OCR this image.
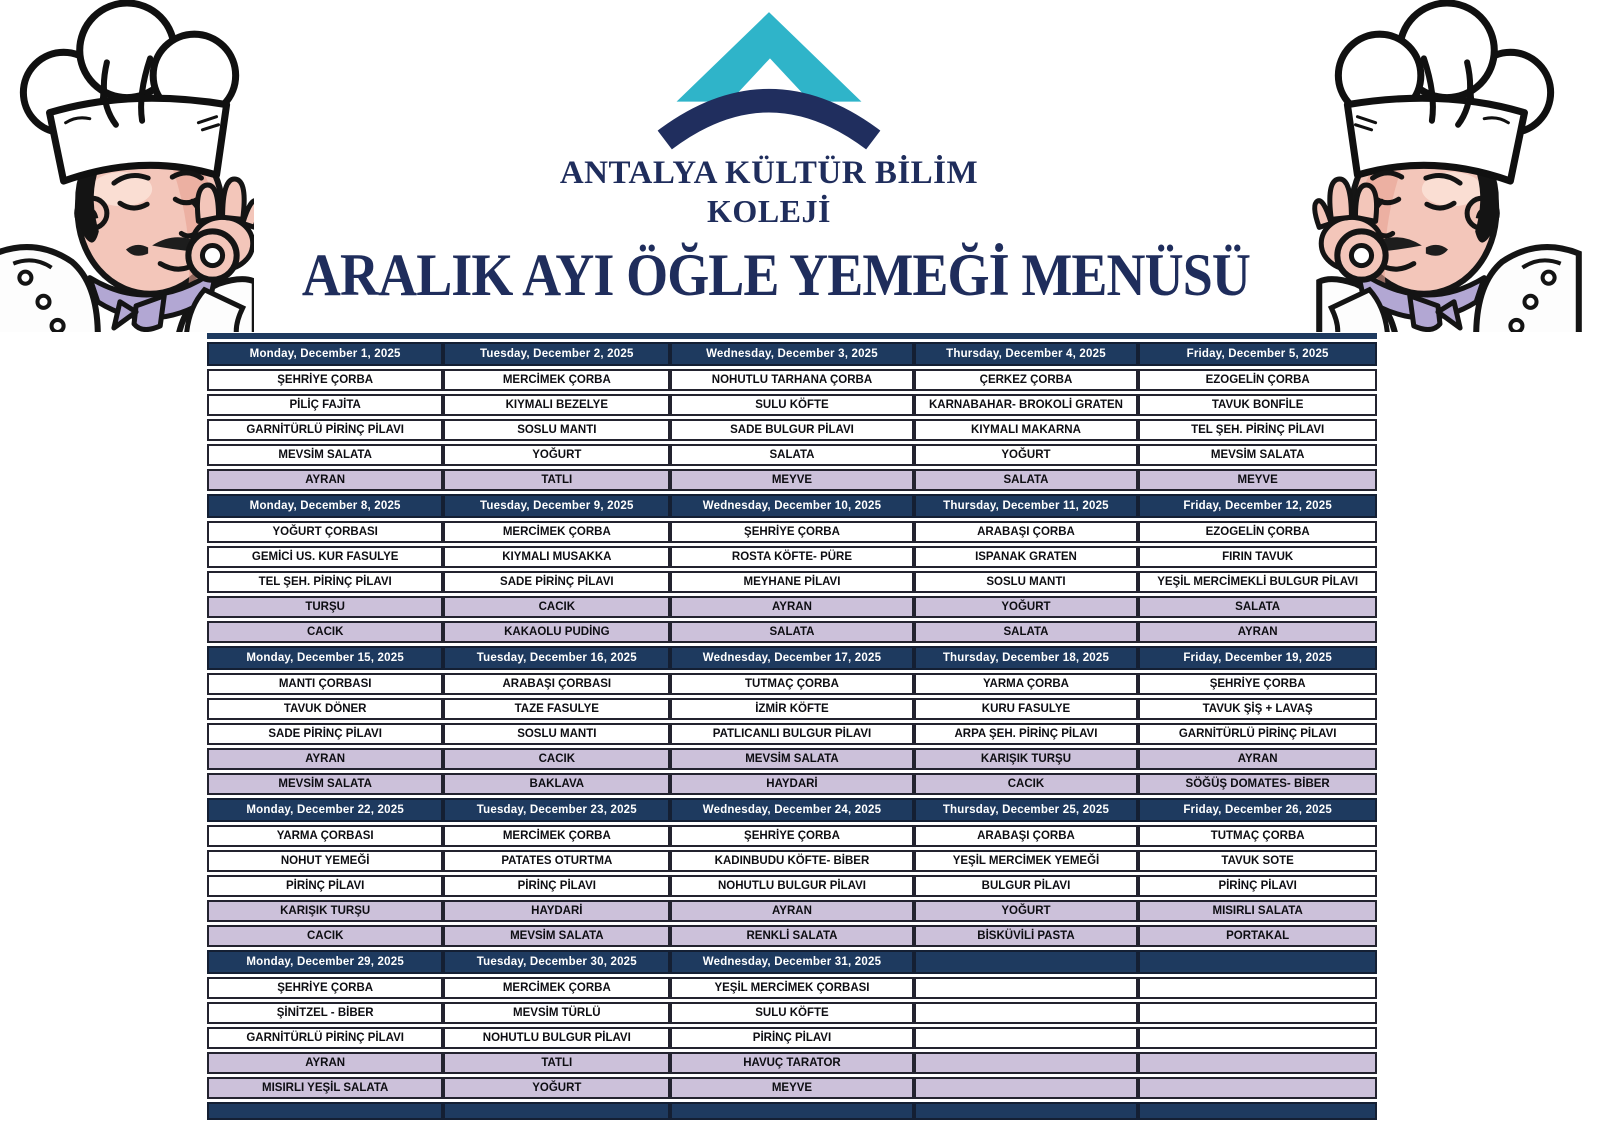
ANTALYA KÜLTÜR BİLİM
KOLEJİ
ARALIK AYI ÖĞLE YEMEĞİ MENÜSÜ
Monday, December 1, 2025	Tuesday, December 2, 2025	Wednesday, December 3, 2025	Thursday, December 4, 2025	Friday, December 5, 2025
ŞEHRİYE ÇORBA	MERCİMEK ÇORBA	NOHUTLU TARHANA ÇORBA	ÇERKEZ ÇORBA	EZOGELİN ÇORBA
PİLİÇ FAJİTA	KIYMALI BEZELYE	SULU KÖFTE	KARNABAHAR- BROKOLİ GRATEN	TAVUK BONFİLE
GARNİTÜRLÜ PİRİNÇ PİLAVI	SOSLU MANTI	SADE BULGUR PİLAVI	KIYMALI MAKARNA	TEL ŞEH. PİRİNÇ PİLAVI
MEVSİM SALATA	YOĞURT	SALATA	YOĞURT	MEVSİM SALATA
AYRAN	TATLI	MEYVE	SALATA	MEYVE
Monday, December 8, 2025	Tuesday, December 9, 2025	Wednesday, December 10, 2025	Thursday, December 11, 2025	Friday, December 12, 2025
YOĞURT ÇORBASI	MERCİMEK ÇORBA	ŞEHRİYE ÇORBA	ARABAŞI ÇORBA	EZOGELİN ÇORBA
GEMİCİ US. KUR FASULYE	KIYMALI MUSAKKA	ROSTA KÖFTE- PÜRE	ISPANAK GRATEN	FIRIN TAVUK
TEL ŞEH. PİRİNÇ PİLAVI	SADE PİRİNÇ PİLAVI	MEYHANE PİLAVI	SOSLU MANTI	YEŞİL MERCİMEKLİ BULGUR PİLAVI
TURŞU	CACIK	AYRAN	YOĞURT	SALATA
CACIK	KAKAOLU PUDİNG	SALATA	SALATA	AYRAN
Monday, December 15, 2025	Tuesday, December 16, 2025	Wednesday, December 17, 2025	Thursday, December 18, 2025	Friday, December 19, 2025
MANTI ÇORBASI	ARABAŞI ÇORBASI	TUTMAÇ ÇORBA	YARMA ÇORBA	ŞEHRİYE ÇORBA
TAVUK DÖNER	TAZE FASULYE	İZMİR KÖFTE	KURU FASULYE	TAVUK ŞİŞ + LAVAŞ
SADE PİRİNÇ PİLAVI	SOSLU MANTI	PATLICANLI BULGUR PİLAVI	ARPA ŞEH. PİRİNÇ PİLAVI	GARNİTÜRLÜ PİRİNÇ PİLAVI
AYRAN	CACIK	MEVSİM SALATA	KARIŞIK TURŞU	AYRAN
MEVSİM SALATA	BAKLAVA	HAYDARİ	CACIK	SÖĞÜŞ DOMATES- BİBER
Monday, December 22, 2025	Tuesday, December 23, 2025	Wednesday, December 24, 2025	Thursday, December 25, 2025	Friday, December 26, 2025
YARMA ÇORBASI	MERCİMEK ÇORBA	ŞEHRİYE ÇORBA	ARABAŞI ÇORBA	TUTMAÇ ÇORBA
NOHUT YEMEĞİ	PATATES OTURTMA	KADINBUDU KÖFTE- BİBER	YEŞİL MERCİMEK YEMEĞİ	TAVUK SOTE
PİRİNÇ PİLAVI	PİRİNÇ PİLAVI	NOHUTLU BULGUR PİLAVI	BULGUR PİLAVI	PİRİNÇ PİLAVI
KARIŞIK TURŞU	HAYDARİ	AYRAN	YOĞURT	MISIRLI SALATA
CACIK	MEVSİM SALATA	RENKLİ SALATA	BİSKÜVİLİ PASTA	PORTAKAL
Monday, December 29, 2025	Tuesday, December 30, 2025	Wednesday, December 31, 2025		
ŞEHRİYE ÇORBA	MERCİMEK ÇORBA	YEŞİL MERCİMEK ÇORBASI		
ŞİNİTZEL - BİBER	MEVSİM TÜRLÜ	SULU KÖFTE		
GARNİTÜRLÜ PİRİNÇ PİLAVI	NOHUTLU BULGUR PİLAVI	PİRİNÇ PİLAVI		
AYRAN	TATLI	HAVUÇ TARATOR		
MISIRLI YEŞİL SALATA	YOĞURT	MEYVE		
